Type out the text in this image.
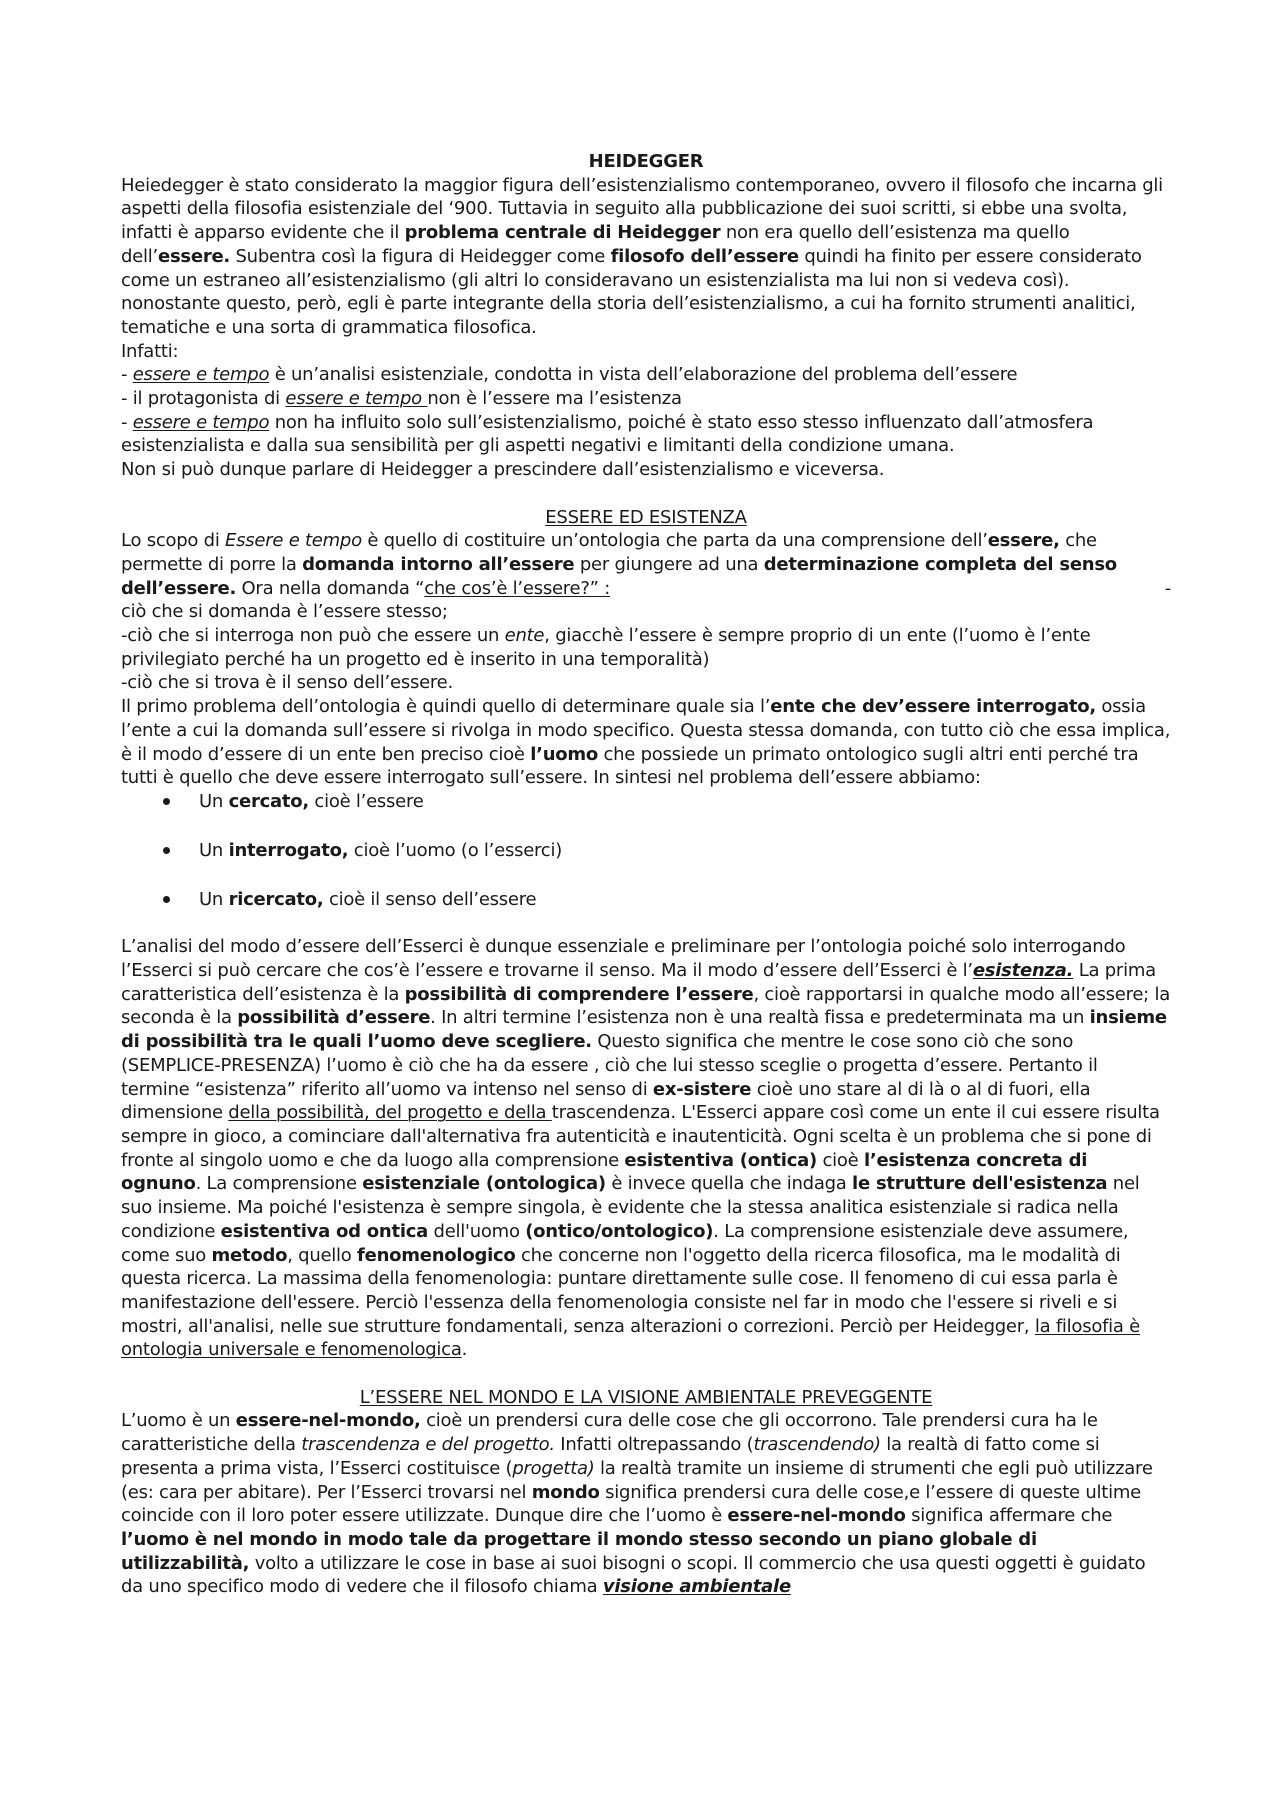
HEIDEGGER

Heiedegger è stato considerato la maggior figura dell’esistenzialismo contemporaneo, ovvero il filosofo che incarna gli aspetti della filosofia esistenziale del ‘900. Tuttavia in seguito alla pubblicazione dei suoi scritti, si ebbe una svolta, infatti è apparso evidente che il problema centrale di Heidegger non era quello dell’esistenza ma quello dell’essere. Subentra così la figura di Heidegger come filosofo dell’essere quindi ha finito per essere considerato come un estraneo all’esistenzialismo (gli altri lo consideravano un esistenzialista ma lui non si vedeva così). nonostante questo, però, egli è parte integrante della storia dell’esistenzialismo, a cui ha fornito strumenti analitici, tematiche e una sorta di grammatica filosofica.

Infatti:

- essere e tempo è un’analisi esistenziale, condotta in vista dell’elaborazione del problema dell’essere

- il protagonista di essere e tempo non è l’essere ma l’esistenza

- essere e tempo non ha influito solo sull’esistenzialismo, poiché è stato esso stesso influenzato dall’atmosfera esistenzialista e dalla sua sensibilità per gli aspetti negativi e limitanti della condizione umana.

Non si può dunque parlare di Heidegger a prescindere dall’esistenzialismo e viceversa.

ESSERE ED ESISTENZA

Lo scopo di Essere e tempo è quello di costituire un’ontologia che parta da una comprensione dell’essere, che permette di porre la domanda intorno all’essere per giungere ad una determinazione completa del senso dell’essere. Ora nella domanda “che cos’è l’essere?” :	-

ciò che si domanda è l’essere stesso;

-ciò che si interroga non può che essere un ente, giacchè l’essere è sempre proprio di un ente (l’uomo è l’ente privilegiato perché ha un progetto ed è inserito in una temporalità)

-ciò che si trova è il senso dell’essere.

Il primo problema dell’ontologia è quindi quello di determinare quale sia l’ente che dev’essere interrogato, ossia l’ente a cui la domanda sull’essere si rivolga in modo specifico. Questa stessa domanda, con tutto ciò che essa implica, è il modo d’essere di un ente ben preciso cioè l’uomo che possiede un primato ontologico sugli altri enti perché tra tutti è quello che deve essere interrogato sull’essere. In sintesi nel problema dell’essere abbiamo:

Un cercato, cioè l’essere
Un interrogato, cioè l’uomo (o l’esserci)
Un ricercato, cioè il senso dell’essere

L’analisi del modo d’essere dell’Esserci è dunque essenziale e preliminare per l’ontologia poiché solo interrogando l’Esserci si può cercare che cos’è l’essere e trovarne il senso. Ma il modo d’essere dell’Esserci è l’esistenza. La prima caratteristica dell’esistenza è la possibilità di comprendere l’essere, cioè rapportarsi in qualche modo all’essere; la seconda è la possibilità d’essere. In altri termine l’esistenza non è una realtà fissa e predeterminata ma un insieme di possibilità tra le quali l’uomo deve scegliere. Questo significa che mentre le cose sono ciò che sono (SEMPLICE-PRESENZA) l’uomo è ciò che ha da essere , ciò che lui stesso sceglie o progetta d’essere. Pertanto il termine “esistenza” riferito all’uomo va intenso nel senso di ex-sistere cioè uno stare al di là o al di fuori, ella dimensione della possibilità, del progetto e della trascendenza. L'Esserci appare così come un ente il cui essere risulta sempre in gioco, a cominciare dall'alternativa fra autenticità e inautenticità. Ogni scelta è un problema che si pone di fronte al singolo uomo e che da luogo alla comprensione esistentiva (ontica) cioè l’esistenza concreta di ognuno. La comprensione esistenziale (ontologica) è invece quella che indaga le strutture dell'esistenza nel suo insieme. Ma poiché l'esistenza è sempre singola, è evidente che la stessa analitica esistenziale si radica nella condizione esistentiva od ontica dell'uomo (ontico/ontologico). La comprensione esistenziale deve assumere, come suo metodo, quello fenomenologico che concerne non l'oggetto della ricerca filosofica, ma le modalità di questa ricerca. La massima della fenomenologia: puntare direttamente sulle cose. Il fenomeno di cui essa parla è manifestazione dell'essere. Perciò l'essenza della fenomenologia consiste nel far in modo che l'essere si riveli e si mostri, all'analisi, nelle sue strutture fondamentali, senza alterazioni o correzioni. Perciò per Heidegger, la filosofia è ontologia universale e fenomenologica.

L’ESSERE NEL MONDO E LA VISIONE AMBIENTALE PREVEGGENTE

L’uomo è un essere-nel-mondo, cioè un prendersi cura delle cose che gli occorrono. Tale prendersi cura ha le caratteristiche della trascendenza e del progetto. Infatti oltrepassando (trascendendo) la realtà di fatto come si presenta a prima vista, l’Esserci costituisce (progetta) la realtà tramite un insieme di strumenti che egli può utilizzare (es: cara per abitare). Per l’Esserci trovarsi nel mondo significa prendersi cura delle cose,e l’essere di queste ultime coincide con il loro poter essere utilizzate. Dunque dire che l’uomo è essere-nel-mondo significa affermare che l’uomo è nel mondo in modo tale da progettare il mondo stesso secondo un piano globale di utilizzabilità, volto a utilizzare le cose in base ai suoi bisogni o scopi. Il commercio che usa questi oggetti è guidato da uno specifico modo di vedere che il filosofo chiama visione ambientale
